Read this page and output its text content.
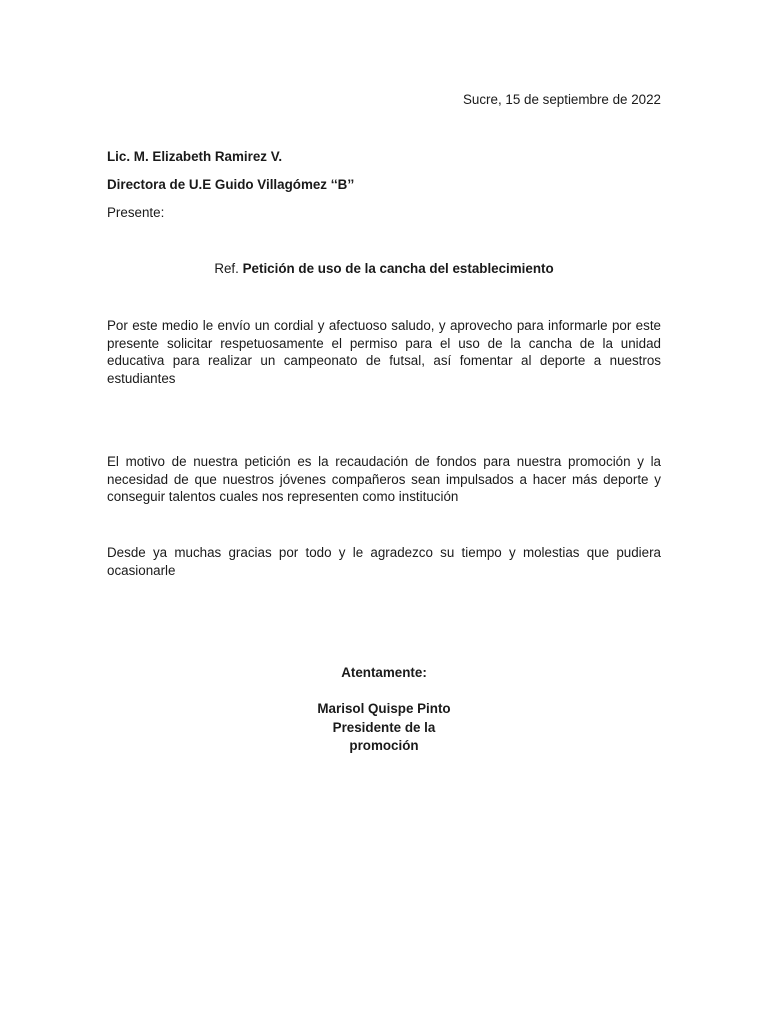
Sucre, 15 de septiembre de 2022
Lic. M. Elizabeth Ramirez V.
Directora de U.E Guido Villagómez ‘‘B’’
Presente:
Ref. Petición de uso de la cancha del establecimiento
Por este medio le envío un cordial y afectuoso saludo, y aprovecho para informarle por este presente solicitar respetuosamente el permiso para el uso de la cancha de la unidad educativa para realizar un campeonato de futsal, así fomentar al deporte a nuestros estudiantes
El motivo de nuestra petición es la recaudación de fondos para nuestra promoción y la necesidad de que nuestros jóvenes compañeros sean impulsados a hacer más deporte y conseguir talentos cuales nos representen como institución
Desde ya muchas gracias por todo y le agradezco su tiempo y molestias que pudiera ocasionarle
Atentamente:
Marisol Quispe Pinto
Presidente de la
promoción
